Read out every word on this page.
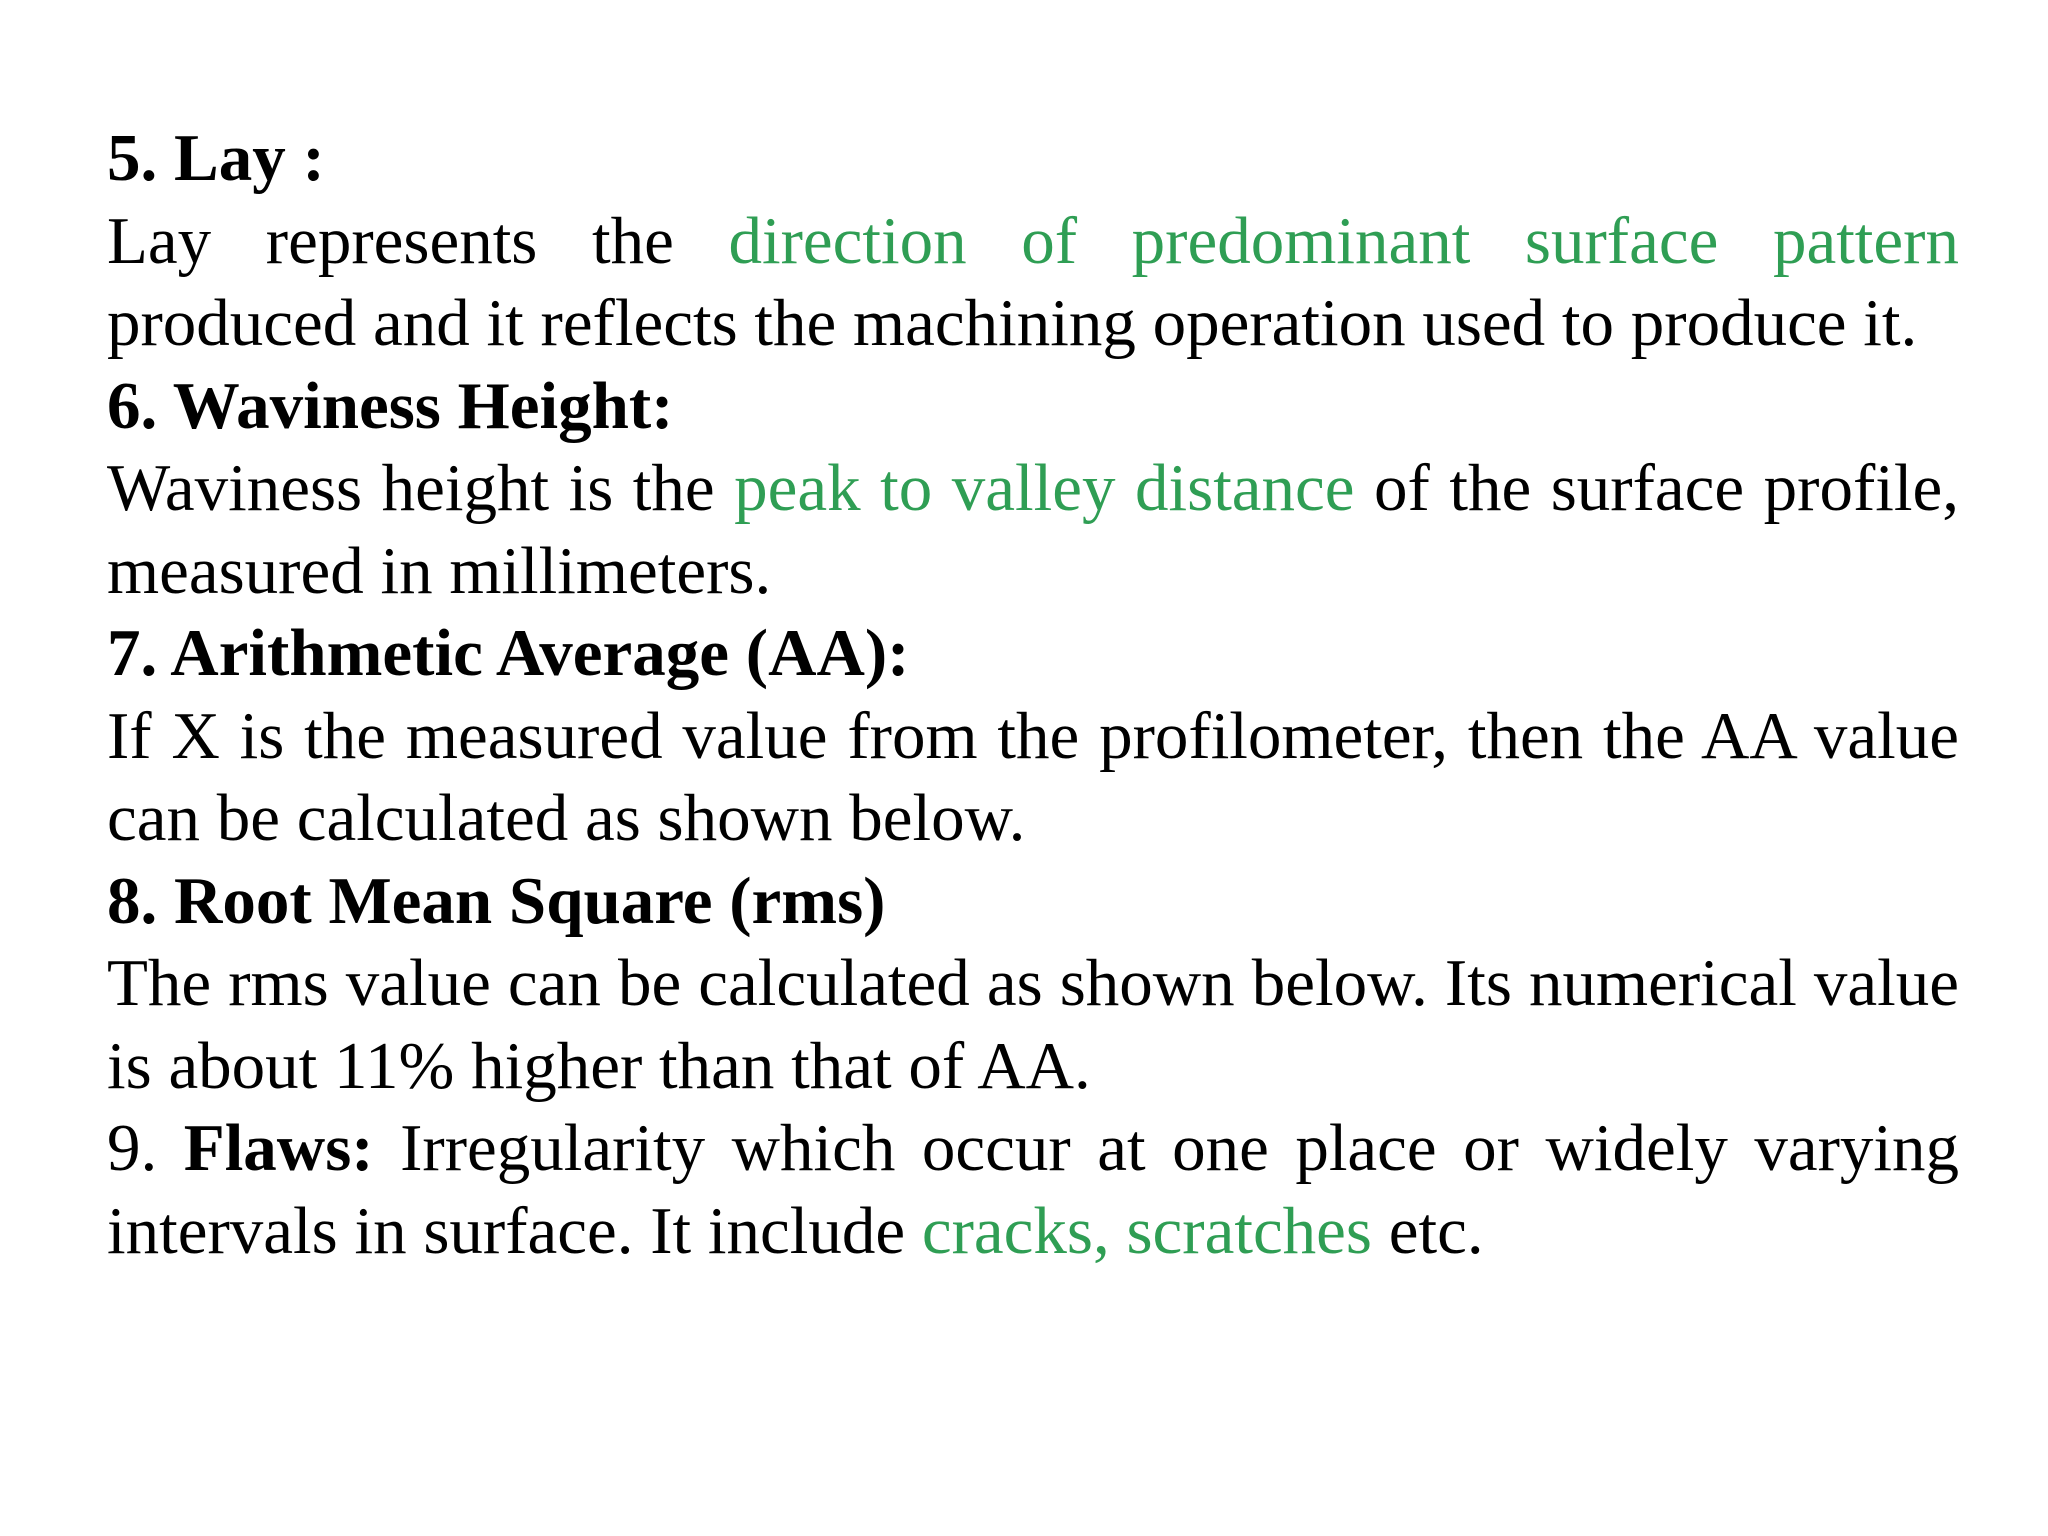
5. Lay :

Lay represents the direction of predominant surface pattern produced and it reflects the machining operation used to produce it.

6. Waviness Height:

Waviness height is the peak to valley distance of the surface profile, measured in millimeters.

7. Arithmetic Average (AA):

If X is the measured value from the profilometer, then the AA value can be calculated as shown below.

8. Root Mean Square (rms)

The rms value can be calculated as shown below. Its numerical value is about 11% higher than that of AA.

9. Flaws: Irregularity which occur at one place or widely varying intervals in surface. It include cracks, scratches etc.
